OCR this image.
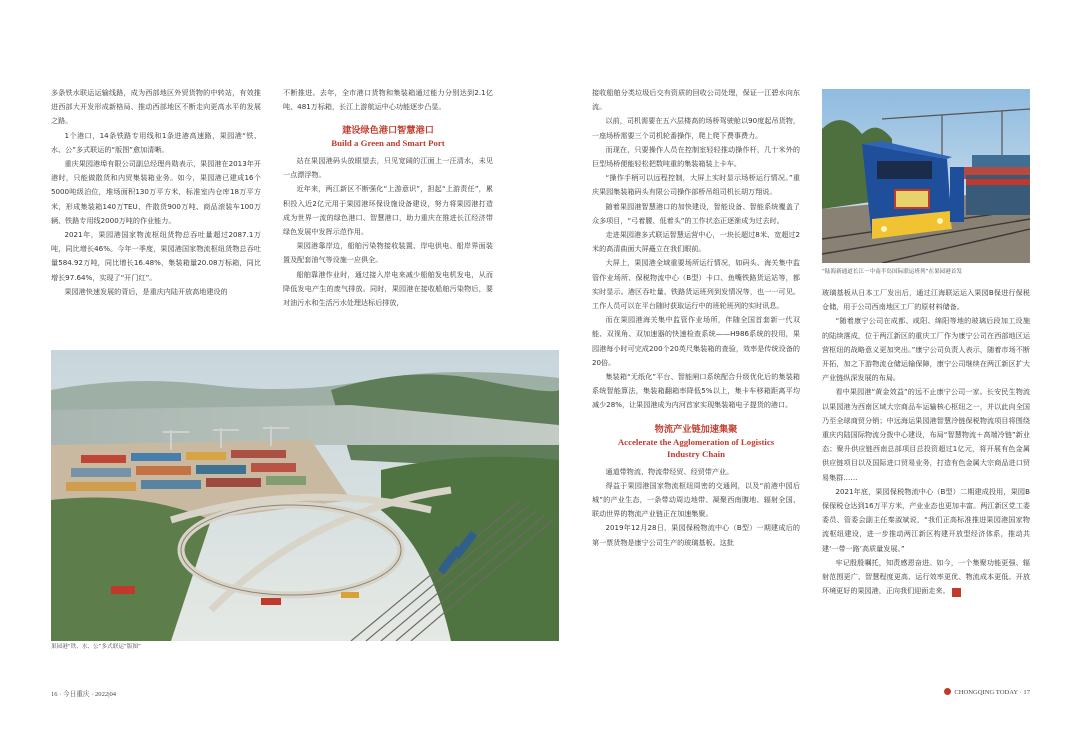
多条铁水联运运输线路，成为西部地区外贸货物的中转站，有效推进西部大开发形成新格局、推动西部地区不断走向更高水平的发展之路。

1个港口，14条铁路专用线和1条进港高速路，果园港“铁、水、公”多式联运的“版图”愈加清晰。

重庆果园港埠有限公司副总经理肖勋表示，果园港在2013年开港时，只能做散货和内贸集装箱业务。如今，果园港已建成16个5000吨级泊位，堆场面积130万平方米，标准室内仓库18万平方米，形成集装箱140万TEU、件散货900万吨、商品滚装车100万辆、铁路专用线2000万吨的作业能力。

2021年，果园港国家物流枢纽货物总吞吐量超过2087.1万吨，同比增长46%。今年一季度，果园港国家物流枢纽货物总吞吐量584.92万吨，同比增长16.48%，集装箱量20.08万标箱，同比增长97.64%，实现了“开门红”。

果园港快速发展的背后，是重庆内陆开放高地建设的

不断推进。去年，全市港口货物和集装箱通过能力分别达到2.1亿吨、481万标箱，长江上游航运中心功能逐步凸显。

建设绿色港口智慧港口
Build a Green and Smart Port

站在果园港码头放眼望去，只见宽阔的江面上一汪清水，未见一点漂浮物。

近年来，两江新区不断强化“上游意识”，担起“上游责任”，累积投入近2亿元用于果园港环保设施设备建设，努力将果园港打造成为世界一流的绿色港口、智慧港口，助力重庆在推进长江经济带绿色发展中发挥示范作用。

果园港靠岸边，船舶污染物接收装置、岸电供电、船岸界面装置及配套油气等设施一应俱全。

船舶靠港作业时，通过接入岸电来减少船舶发电机发电，从而降低发电产生的废气排放。同时，果园港在接收船舶污染物后，要对油污水和生活污水处理达标后排放，

接收船舶分类垃圾后交有资质的回收公司处理，保证一江碧水向东流。

以前，司机需要在五六层楼高的场桥驾驶舱以90度起吊货物，一座场桥需要三个司机轮番操作，爬上爬下费事费力。

而现在，只要操作人员在控制室轻轻推动操作杆，几十米外的巨型场桥便能轻松把数吨重的集装箱装上卡车。

“操作手柄可以远程控制，大屏上实时显示场桥运行情况。”重庆果园集装箱码头有限公司操作部桥吊组司机长胡万翔说。

随着果园港智慧港口的加快建设，智能设备、智能系统覆盖了众多项目，“弓着腰、低着头”的工作状态正逐渐成为过去时。

走进果园港多式联运智慧运营中心，一块长超过8米、宽超过2米的高清曲面大屏矗立在我们眼前。

大屏上，果园港全域重要场所运行情况，如码头、海关集中监管作业场所、保税物流中心（B型）卡口、鱼嘴铁路货运站等，都实时显示。港区吞吐量、铁路货运班列到发情况等，也一一可见。工作人员可以在平台随时获取运行中的班轮班列的实时讯息。

而在果园港海关集中监管作业场所，伴随全国首套新一代双能、双视角、双加速器的快速检查系统——H986系统的投用，果园港每小时可完成200个20英尺集装箱的查验，效率是传统设备的20倍。

集装箱“无纸化”平台、智能闸口系统配合升级优化后的集装箱系统智能算法，集装箱翻箱率降低5%以上，集卡车移箱距离平均减少28%，让果园港成为内河首家实现集装箱电子提货的港口。

物流产业链加速集聚
Accelerate the Agglomeration of Logistics
Industry Chain

通道带物流、物流带经贸、经贸带产业。

得益于果园港国家物流枢纽周密的交通网，以及“前港中园后城”的产业生态，一条带动周边地带、凝聚西南腹地、辐射全国、联动世界的物流产业链正在加速集聚。

2019年12月28日，果园保税物流中心（B型）一期建成后的第一票货物是康宁公司生产的玻璃基板。这批

玻璃基板从日本工厂发出后，通过江海联运运入果园B保进行保税仓储，用于公司西南地区工厂的原材料储备。

“随着康宁公司在成都、咸阳、绵阳等地的玻璃后段加工设施的陆续落成，位于两江新区的重庆工厂作为康宁公司在西部地区运营枢纽的战略意义更加突出。”康宁公司负责人表示，随着市场不断开拓，加之下游物流仓储运输保障，康宁公司继续在两江新区扩大产业链纵深发展的布局。

看中果园港“黄金效益”的远不止康宁公司一家。长安民生物流以果园港为西南区域大宗商品车运输核心枢纽之一，并以此向全国乃至全球商贸分销；中远海运果园港智慧冷链保税物流项目将围绕重庆内陆国际物流分拨中心建设，布局“智慧物流＋高端冷链”新业态；聚升供应链西南总部项目总投资超过1亿元，将开展有色金属供应链项目以及国际进口贸易业务，打造有色金属大宗商品进口贸易集群……

2021年底，果园保税物流中心（B型）二期建成投用，果园B保保税仓达到16万平方米，产业业态也更加丰富。两江新区党工委委员、管委会副主任秦淑斌说，“我们正高标准推进果园港国家物流枢纽建设，进一步推动两江新区构建开放型经济体系，推动共建‘一带一路’高质量发展。”

牢记殷殷嘱托，知责感恩奋进。如今，一个集聚功能更强、辐射范围更广、智慧程度更高、运行效率更优、物流成本更低、开放环境更好的果园港，正向我们迎面走来。	文

果园港“铁、水、公”多式联运“版图”
“陆海新通道长江－中南半岛国际联运班列”在果园港首发
16 · 今日重庆 · 2022|04	CHONGQING TODAY · 17
